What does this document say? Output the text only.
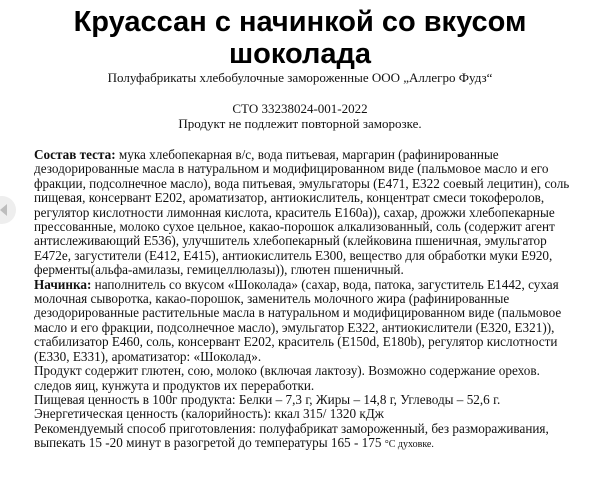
Круассан с начинкой со вкусом шоколада
Полуфабрикаты хлебобулочные замороженные ООО „Аллегро Фудз“
СТО 33238024-001-2022
Продукт не подлежит повторной заморозке.

Состав теста: мука хлебопекарная в/с, вода питьевая, маргарин (рафинированные дезодорированные масла в натуральном и модифицированном виде (пальмовое масло и его фракции, подсолнечное масло), вода питьевая, эмульгаторы (Е471, Е322 соевый лецитин), соль пищевая, консервант Е202, ароматизатор, антиокислитель, концентрат смеси токоферолов, регулятор кислотности лимонная кислота, краситель Е160а)), сахар, дрожжи хлебопекарные прессованные, молоко сухое цельное, какао-порошок алкализованный, соль (содержит агент антислеживающий Е536), улучшитель хлебопекарный (клейковина пшеничная, эмульгатор Е472е, загустители (Е412, Е415), антиокислитель Е300, вещество для обработки муки Е920, ферменты(альфа-амилазы, гемицеллюлазы)), глютен пшеничный.

Начинка: наполнитель со вкусом «Шоколада» (сахар, вода, патока, загуститель Е1442, сухая молочная сыворотка, какао-порошок, заменитель молочного жира (рафинированные дезодорированные растительные масла в натуральном и модифицированном виде (пальмовое масло и его фракции, подсолнечное масло), эмульгатор Е322, антиокислители (Е320, Е321)), стабилизатор Е460, соль, консервант Е202, краситель (Е150d, Е180b), регулятор кислотности (Е330, Е331), ароматизатор: «Шоколад».

Продукт содержит глютен, сою, молоко (включая лактозу). Возможно содержание орехов. следов яиц, кунжута и продуктов их переработки.

Пищевая ценность в 100г продукта: Белки – 7,3 г, Жиры – 14,8 г, Углеводы – 52,6 г.

Энергетическая ценность (калорийность): ккал 315/ 1320 кДж

Рекомендуемый способ приготовления: полуфабрикат замороженный, без размораживания, выпекать 15 -20 минут в разогретой до температуры 165 - 175 °С духовке.
